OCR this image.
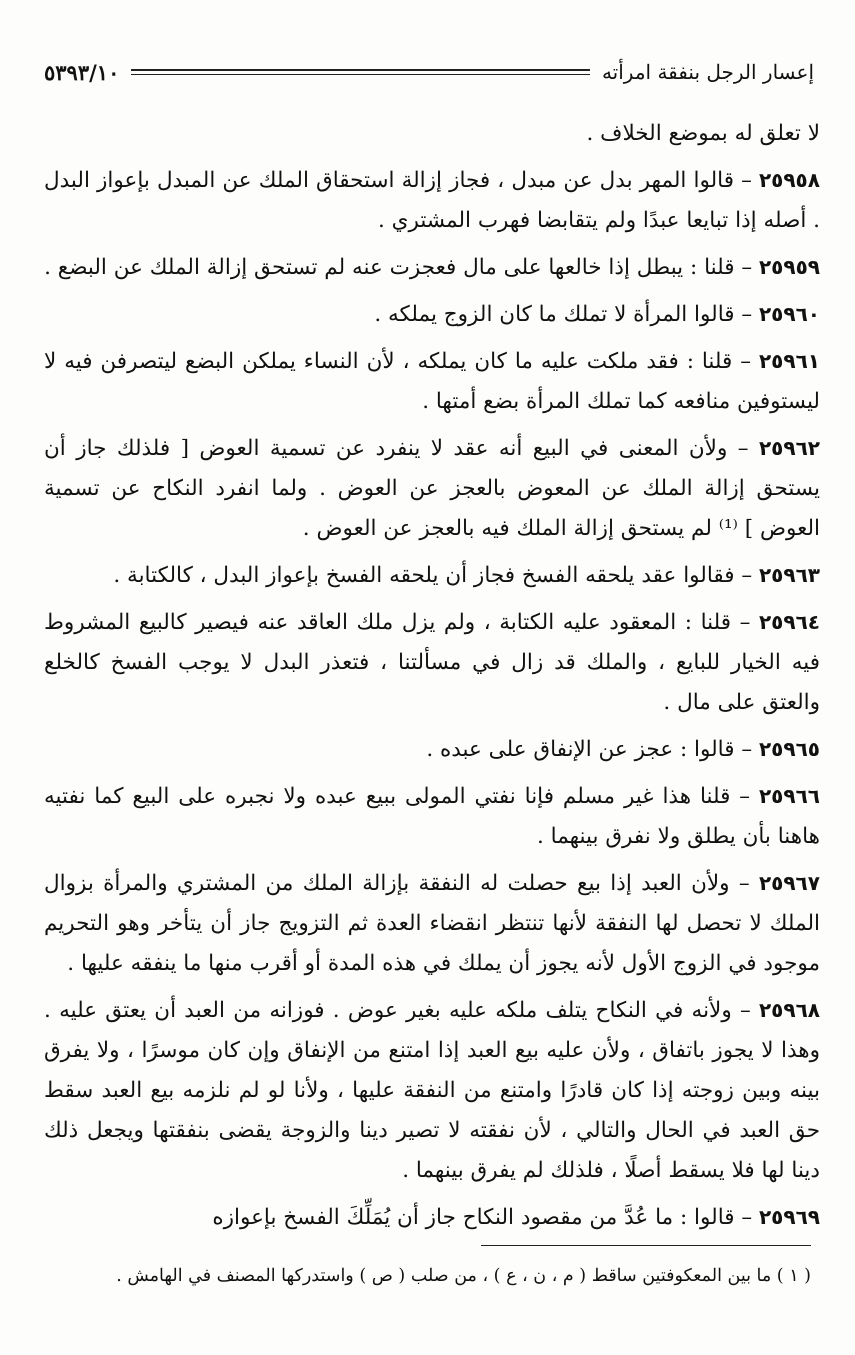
٥٣٩٣/١٠	إعسار الرجل بنفقة امرأته
لا تعلق له بموضع الخلاف .
٢٥٩٥٨ – قالوا المهر بدل عن مبدل ، فجاز إزالة استحقاق الملك عن المبدل بإعواز البدل . أصله إذا تبايعا عبدًا ولم يتقابضا فهرب المشتري .
٢٥٩٥٩ – قلنا : يبطل إذا خالعها على مال فعجزت عنه لم تستحق إزالة الملك عن البضع .
٢٥٩٦٠ – قالوا المرأة لا تملك ما كان الزوج يملكه .
٢٥٩٦١ – قلنا : فقد ملكت عليه ما كان يملكه ، لأن النساء يملكن البضع ليتصرفن فيه لا ليستوفين منافعه كما تملك المرأة بضع أمتها .
٢٥٩٦٢ – ولأن المعنى في البيع أنه عقد لا ينفرد عن تسمية العوض [ فلذلك جاز أن يستحق إزالة الملك عن المعوض بالعجز عن العوض . ولما انفرد النكاح عن تسمية العوض ] ⁽¹⁾ لم يستحق إزالة الملك فيه بالعجز عن العوض .
٢٥٩٦٣ – فقالوا عقد يلحقه الفسخ فجاز أن يلحقه الفسخ بإعواز البدل ، كالكتابة .
٢٥٩٦٤ – قلنا : المعقود عليه الكتابة ، ولم يزل ملك العاقد عنه فيصير كالبيع المشروط فيه الخيار للبايع ، والملك قد زال في مسألتنا ، فتعذر البدل لا يوجب الفسخ كالخلع والعتق على مال .
٢٥٩٦٥ – قالوا : عجز عن الإنفاق على عبده .
٢٥٩٦٦ – قلنا هذا غير مسلم فإنا نفتي المولى ببيع عبده ولا نجبره على البيع كما نفتيه هاهنا بأن يطلق ولا نفرق بينهما .
٢٥٩٦٧ – ولأن العبد إذا بيع حصلت له النفقة بإزالة الملك من المشتري والمرأة بزوال الملك لا تحصل لها النفقة لأنها تنتظر انقضاء العدة ثم التزويج جاز أن يتأخر وهو التحريم موجود في الزوج الأول لأنه يجوز أن يملك في هذه المدة أو أقرب منها ما ينفقه عليها .
٢٥٩٦٨ – ولأنه في النكاح يتلف ملكه عليه بغير عوض . فوزانه من العبد أن يعتق عليه . وهذا لا يجوز باتفاق ، ولأن عليه بيع العبد إذا امتنع من الإنفاق وإن كان موسرًا ، ولا يفرق بينه وبين زوجته إذا كان قادرًا وامتنع من النفقة عليها ، ولأنا لو لم نلزمه بيع العبد سقط حق العبد في الحال والتالي ، لأن نفقته لا تصير دينا والزوجة يقضى بنفقتها ويجعل ذلك دينا لها فلا يسقط أصلًا ، فلذلك لم يفرق بينهما .
٢٥٩٦٩ – قالوا : ما عُدَّ من مقصود النكاح جاز أن يُمَلِّكَ الفسخ بإعوازه
( ١ ) ما بين المعكوفتين ساقط ( م ، ن ، ع ) ، من صلب ( ص ) واستدركها المصنف في الهامش .
